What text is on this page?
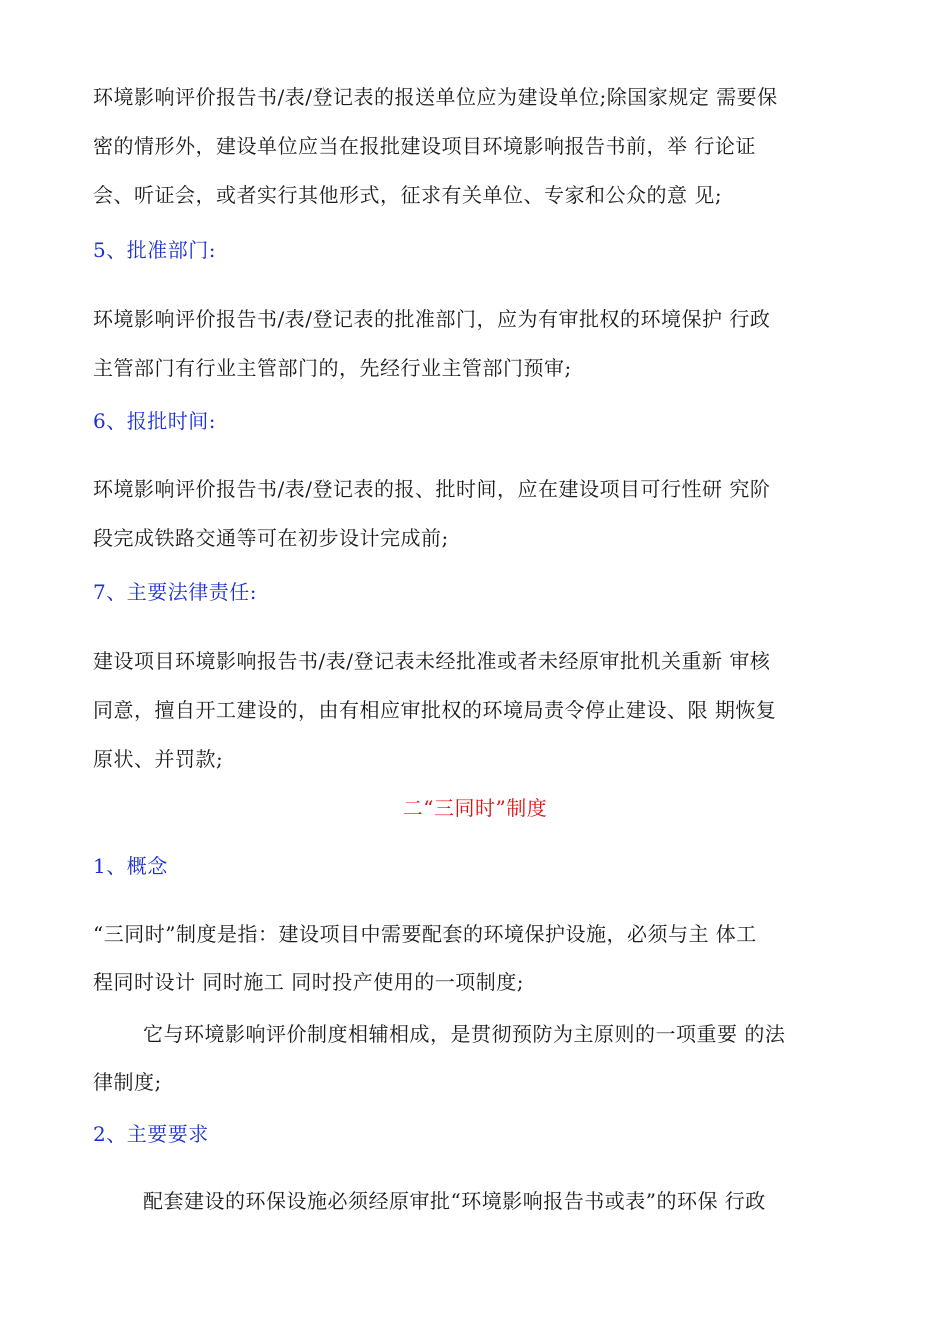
环境影响评价报告书/表/登记表的报送单位应为建设单位;除国家规定 需要保
密的情形外，建设单位应当在报批建设项目环境影响报告书前，举 行论证
会、听证会，或者实行其他形式，征求有关单位、专家和公众的意 见;
5、批准部门:
环境影响评价报告书/表/登记表的批准部门，应为有审批权的环境保护 行政
主管部门有行业主管部门的，先经行业主管部门预审;
6、报批时间:
环境影响评价报告书/表/登记表的报、批时间，应在建设项目可行性研 究阶
段完成铁路交通等可在初步设计完成前;
7、主要法律责任:
建设项目环境影响报告书/表/登记表未经批准或者未经原审批机关重新 审核
同意，擅自开工建设的，由有相应审批权的环境局责令停止建设、限 期恢复
原状、并罚款;
二“三同时”制度
1、概念
“三同时”制度是指：建设项目中需要配套的环境保护设施，必须与主 体工
程同时设计 同时施工 同时投产使用的一项制度;
它与环境影响评价制度相辅相成，是贯彻预防为主原则的一项重要 的法
律制度;
2、主要要求
配套建设的环保设施必须经原审批“环境影响报告书或表”的环保 行政
